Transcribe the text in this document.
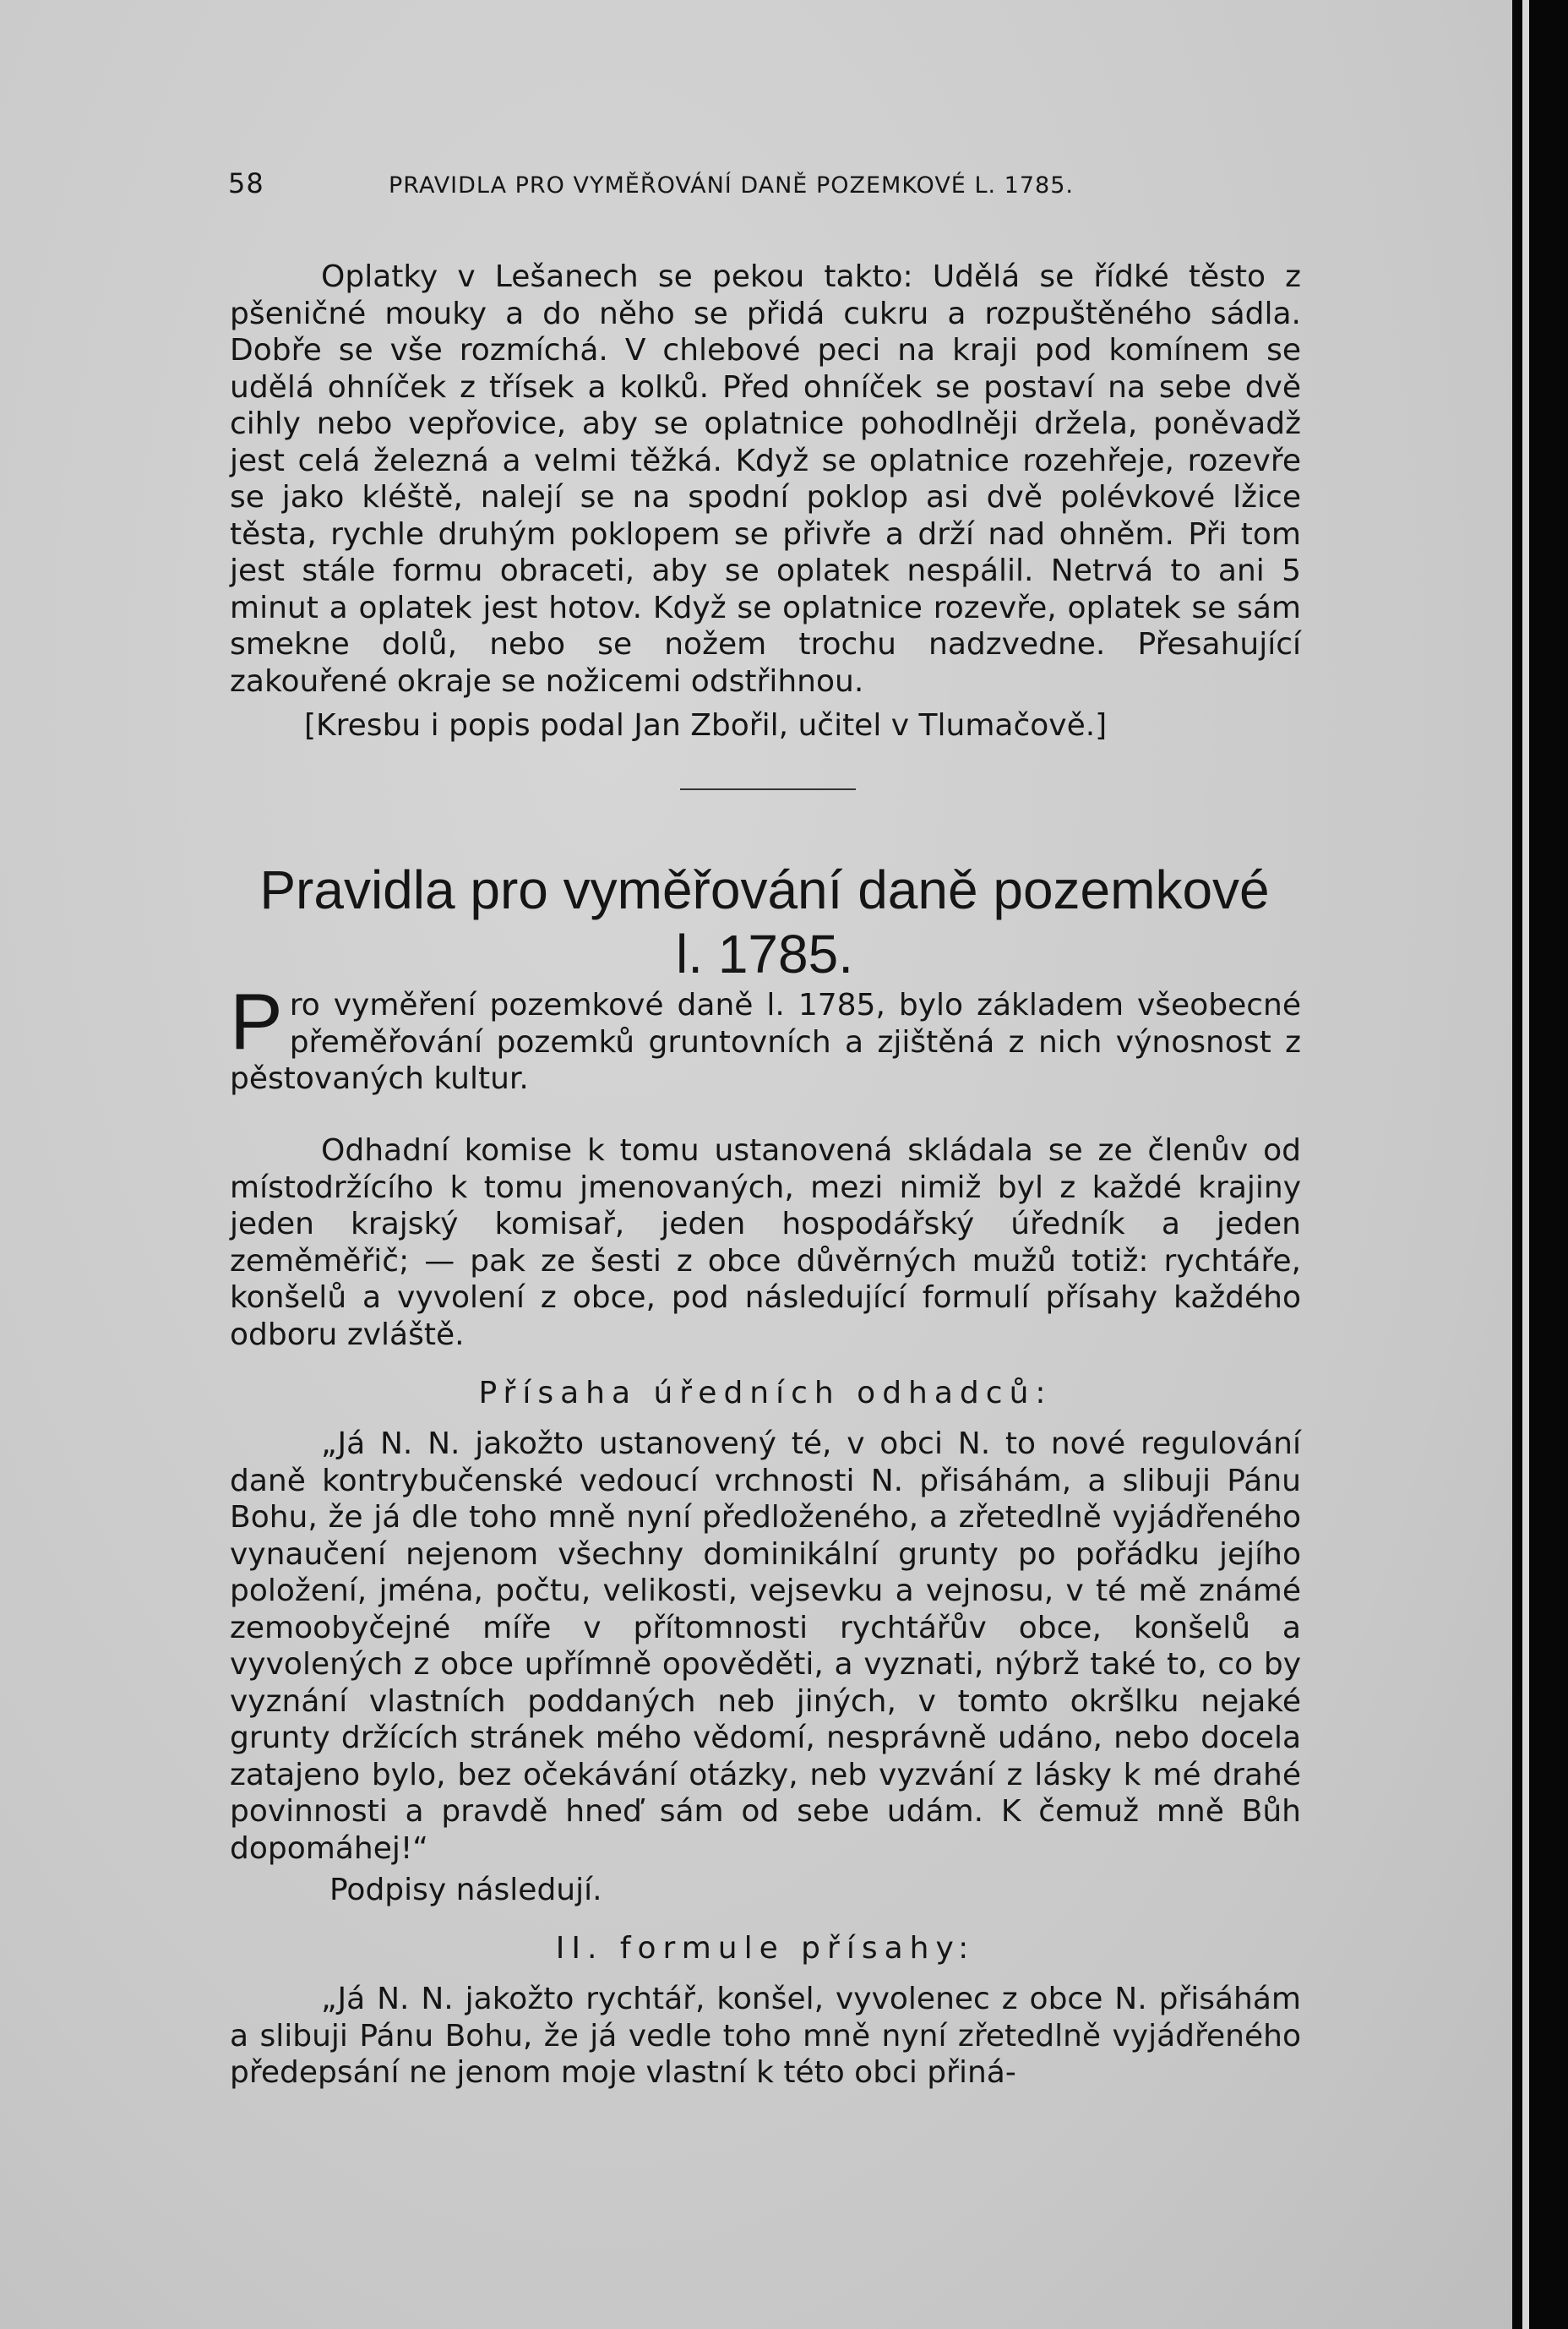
58	PRAVIDLA PRO VYMĚŘOVÁNÍ DANĚ POZEMKOVÉ L. 1785.

Oplatky v Lešanech se pekou takto: Udělá se řídké těsto z pšeničné mouky a do něho se přidá cukru a rozpuštěného sádla. Dobře se vše rozmíchá. V chlebové peci na kraji pod komínem se udělá ohníček z třísek a kolků. Před ohníček se postaví na sebe dvě cihly nebo vepřovice, aby se oplatnice pohodlněji držela, poněvadž jest celá železná a velmi těžká. Když se oplatnice rozehřeje, rozevře se jako kléště, nalejí se na spodní poklop asi dvě polévkové lžice těsta, rychle druhým poklopem se přivře a drží nad ohněm. Při tom jest stále formu obraceti, aby se oplatek nespálil. Netrvá to ani 5 minut a oplatek jest hotov. Když se oplatnice rozevře, oplatek se sám smekne dolů, nebo se nožem trochu nadzvedne. Přesahující zakouřené okraje se nožicemi odstřihnou.

[Kresbu i popis podal Jan Zbořil, učitel v Tlumačově.]
Pravidla pro vyměřování daně pozemkové
l. 1785.
P ro vyměření pozemkové daně l. 1785, bylo základem všeobecné přeměřování pozemků gruntovních a zjištěná z nich výnosnost z pěstovaných kultur.

Odhadní komise k tomu ustanovená skládala se ze členův od místodržícího k tomu jmenovaných, mezi nimiž byl z každé krajiny jeden krajský komisař, jeden hospodářský úředník a jeden zeměměřič; — pak ze šesti z obce důvěrných mužů totiž: rychtáře, konšelů a vyvolení z obce, pod následující formulí přísahy každého odboru zvláště.

Přísaha úředních odhadců:

„Já N. N. jakožto ustanovený té, v obci N. to nové regulování daně kontrybučenské vedoucí vrchnosti N. přisáhám, a slibuji Pánu Bohu, že já dle toho mně nyní předloženého, a zřetedlně vyjádřeného vynaučení nejenom všechny dominikální grunty po pořádku jejího položení, jména, počtu, velikosti, vejsevku a vejnosu, v té mě známé zemoobyčejné míře v přítomnosti rychtářův obce, konšelů a vyvolených z obce upřímně opověděti, a vyznati, nýbrž také to, co by vyznání vlastních poddaných neb jiných, v tomto okršlku nejaké grunty držících stránek mého vědomí, nesprávně udáno, nebo docela zatajeno bylo, bez očekávání otázky, neb vyzvání z lásky k mé drahé povinnosti a pravdě hneď sám od sebe udám. K čemuž mně Bůh dopomáhej!“

Podpisy následují.
II. formule přísahy:

„Já N. N. jakožto rychtář, konšel, vyvolenec z obce N. přisáhám a slibuji Pánu Bohu, že já vedle toho mně nyní zřetedlně vyjádřeného předepsání ne jenom moje vlastní k této obci přiná-
